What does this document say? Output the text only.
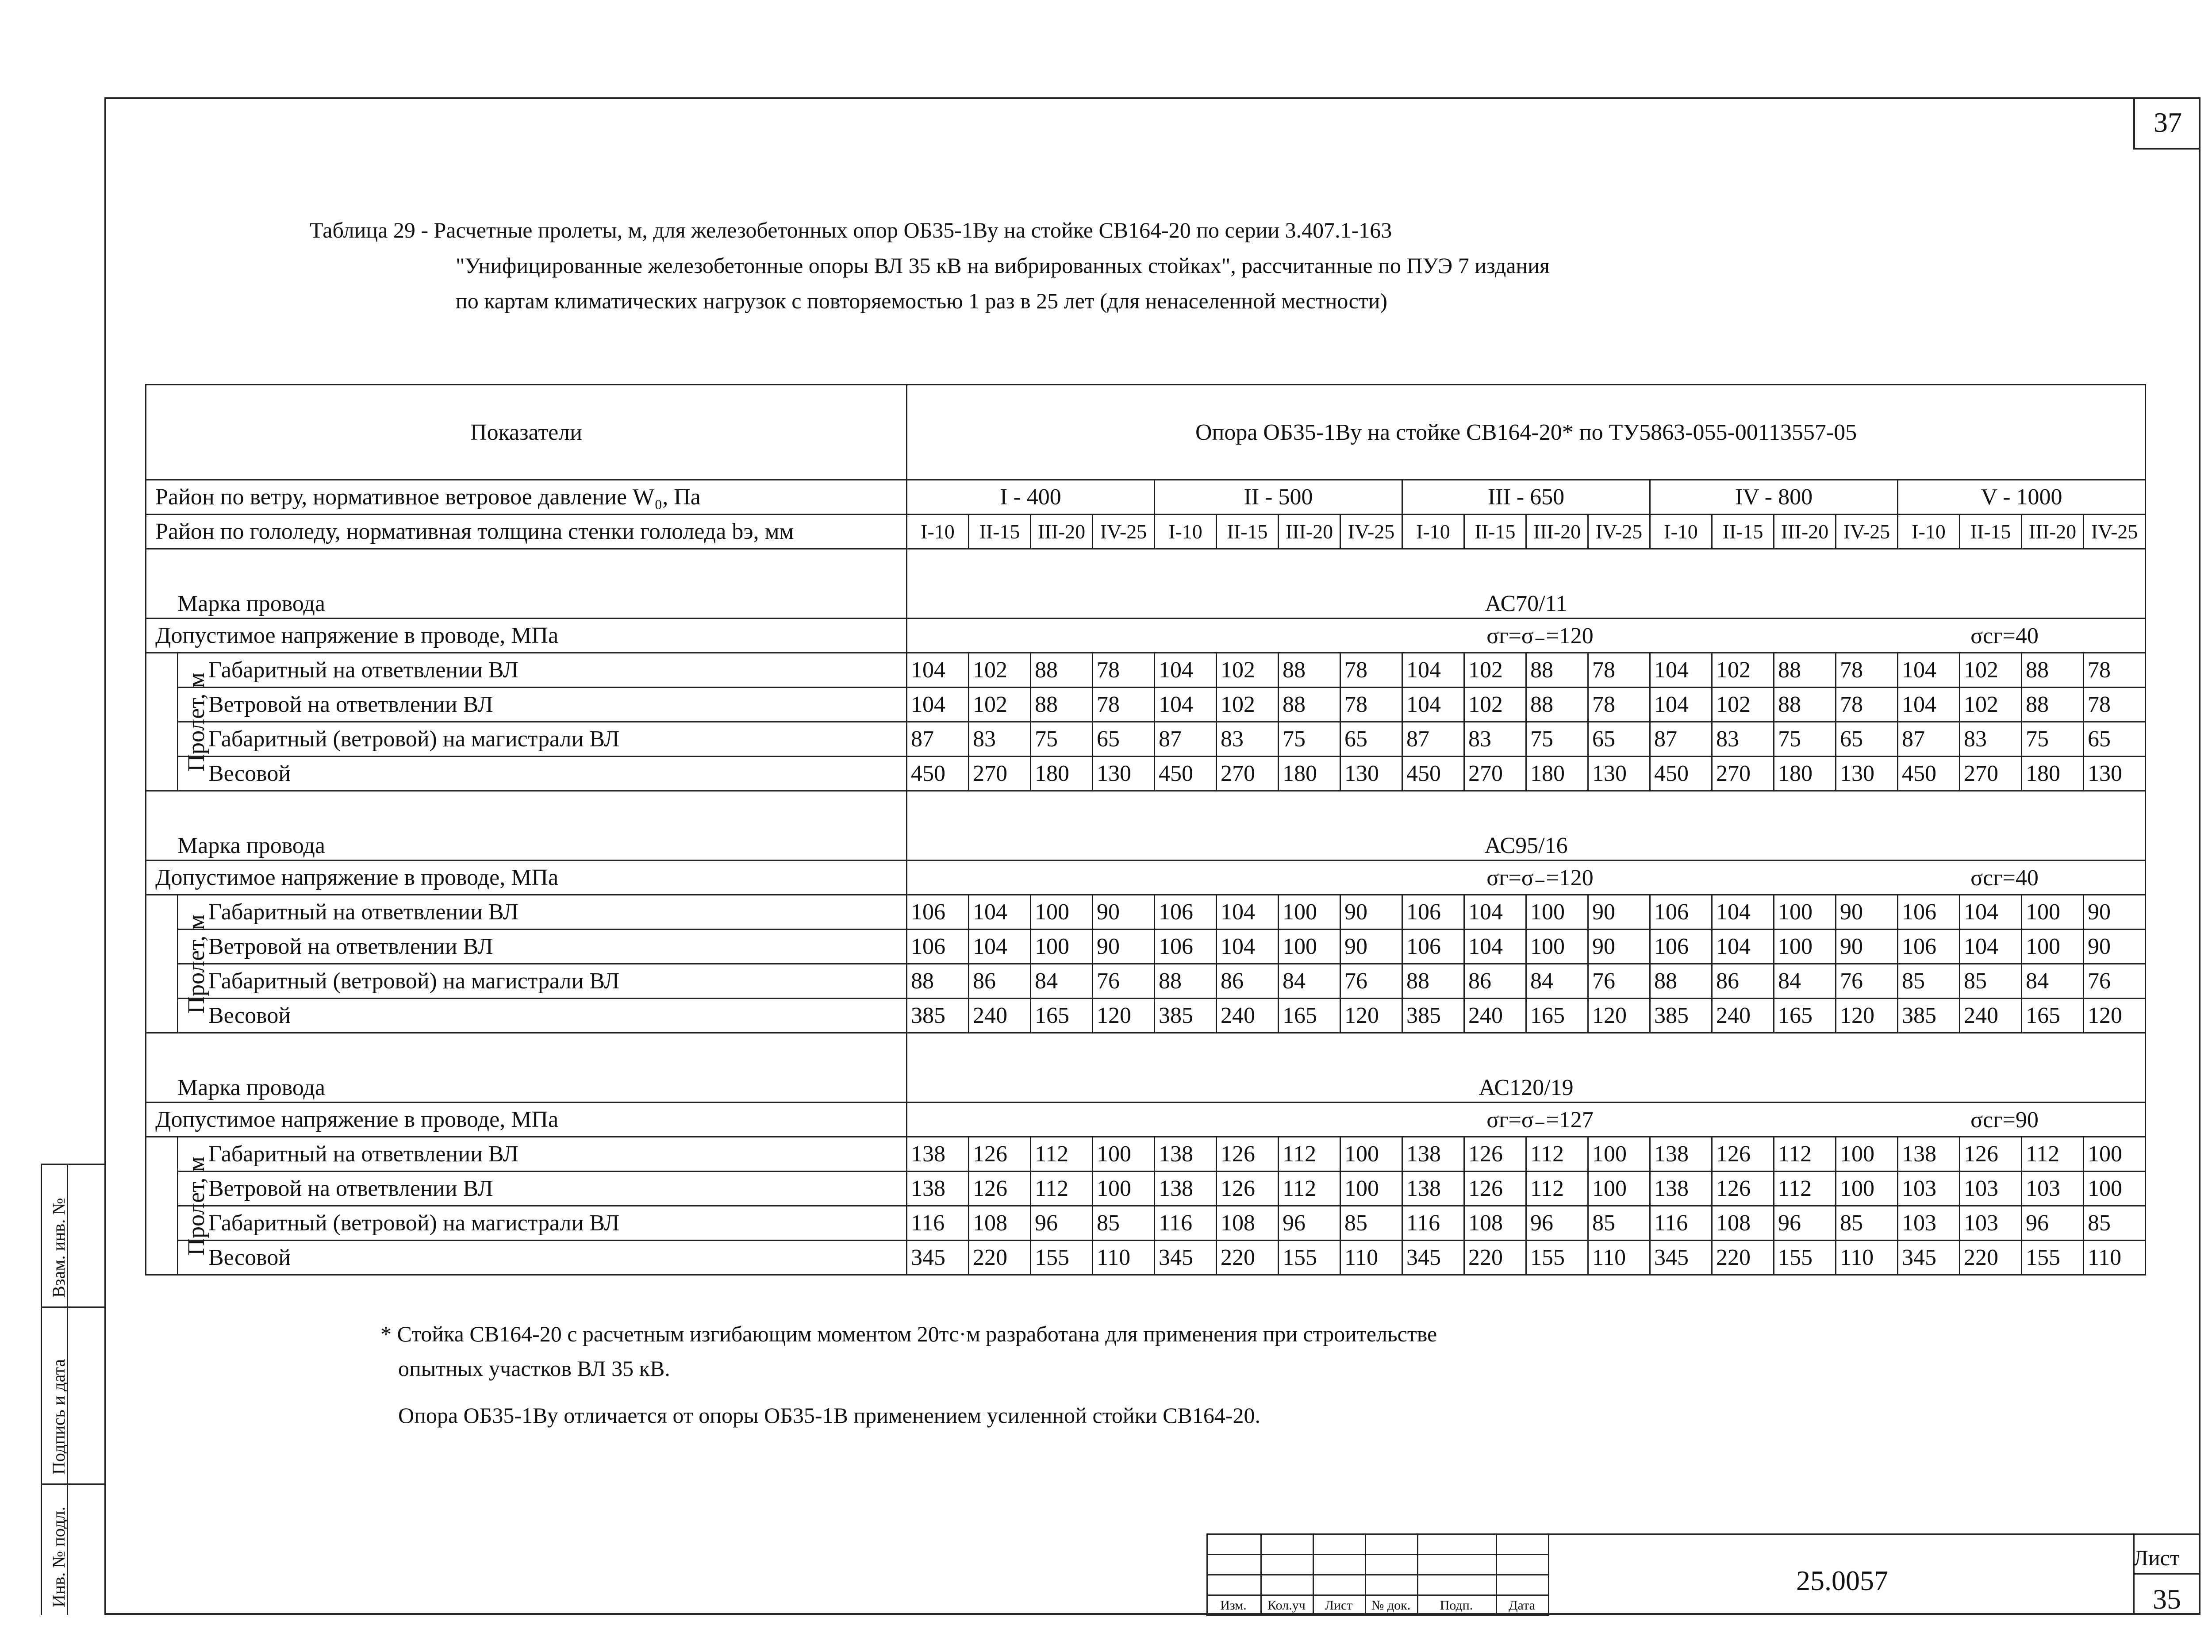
37
Таблица 29 - Расчетные пролеты, м, для железобетонных опор ОБ35-1Ву на стойке СВ164-20 по серии 3.407.1-163
"Унифицированные железобетонные опоры ВЛ 35 кВ на вибрированных стойках", рассчитанные по ПУЭ 7 издания
по картам климатических нагрузок с повторяемостью 1 раз в 25 лет (для ненаселенной местности)
Показатели		Опора ОБ35-1Ву на стойке СВ164-20* по ТУ5863-055-00113557-05																			
Район по ветру, нормативное ветровое давление W₀, Па		I - 400				II - 500				III - 650				IV - 800				V - 1000			
Район по гололеду, нормативная толщина стенки гололеда bэ, мм		I-10	II-15	III-20	IV-25	I-10	II-15	III-20	IV-25	I-10	II-15	III-20	IV-25	I-10	II-15	III-20	IV-25	I-10	II-15	III-20	IV-25
Марка провода		АС70/11																			
Допустимое напряжение в проводе, МПа		σг=σ₋=120 σсг=40																			
Пролет, м	Габаритный на ответвлении ВЛ	104	102	88	78	104	102	88	78	104	102	88	78	104	102	88	78	104	102	88	78
	Ветровой на ответвлении ВЛ	104	102	88	78	104	102	88	78	104	102	88	78	104	102	88	78	104	102	88	78
	Габаритный (ветровой) на магистрали ВЛ	87	83	75	65	87	83	75	65	87	83	75	65	87	83	75	65	87	83	75	65
	Весовой	450	270	180	130	450	270	180	130	450	270	180	130	450	270	180	130	450	270	180	130
Марка провода		АС95/16																			
Допустимое напряжение в проводе, МПа		σг=σ₋=120 σсг=40																			
Пролет, м	Габаритный на ответвлении ВЛ	106	104	100	90	106	104	100	90	106	104	100	90	106	104	100	90	106	104	100	90
	Ветровой на ответвлении ВЛ	106	104	100	90	106	104	100	90	106	104	100	90	106	104	100	90	106	104	100	90
	Габаритный (ветровой) на магистрали ВЛ	88	86	84	76	88	86	84	76	88	86	84	76	88	86	84	76	85	85	84	76
	Весовой	385	240	165	120	385	240	165	120	385	240	165	120	385	240	165	120	385	240	165	120
Марка провода		АС120/19																			
Допустимое напряжение в проводе, МПа		σг=σ₋=127 σсг=90																			
Пролет, м	Габаритный на ответвлении ВЛ	138	126	112	100	138	126	112	100	138	126	112	100	138	126	112	100	138	126	112	100
	Ветровой на ответвлении ВЛ	138	126	112	100	138	126	112	100	138	126	112	100	138	126	112	100	103	103	103	100
	Габаритный (ветровой) на магистрали ВЛ	116	108	96	85	116	108	96	85	116	108	96	85	116	108	96	85	103	103	96	85
	Весовой	345	220	155	110	345	220	155	110	345	220	155	110	345	220	155	110	345	220	155	110

* Стойка СВ164-20 с расчетным изгибающим моментом 20тс·м разработана для применения при строительстве

опытных участков ВЛ 35 кВ.

Опора ОБ35-1Ву отличается от опоры ОБ35-1В применением усиленной стойки СВ164-20.

Взам. инв. №
Подпись и дата
Инв. № подл.	Изм.	Кол.уч	Лист	№ док.	Подп.	Дата
25.0057
Лист
35
